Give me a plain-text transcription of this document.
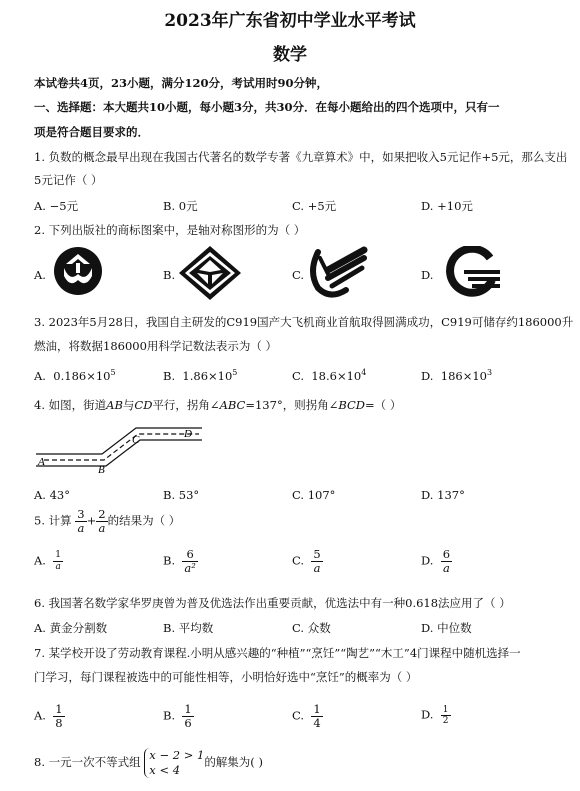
2023年广东省初中学业水平考试
数学
本试卷共4页，23小题，满分120分，考试用时90分钟，
一、选择题：本大题共10小题，每小题3分，共30分．在每小题给出的四个选项中，只有一
项是符合题目要求的．
1. 负数的概念最早出现在我国古代著名的数学专著《九章算术》中，如果把收入5元记作+5元，那么支出
5元记作（ ）
A. −5元	B. 0元	C. +5元	D. +10元
2. 下列出版社的商标图案中，是轴对称图形的为（ ）
A.	B.	C.	D.
3. 2023年5月28日，我国自主研发的C919国产大飞机商业首航取得圆满成功，C919可储存约186000升
燃油，将数据186000用科学记数法表示为（ ）
A. $0.186\times 10^5$	B. $1.86\times 10^5$	C. $18.6\times 10^4$	D. $186\times 10^3$
4. 如图，街道AB与CD平行，拐角∠ABC=137°，则拐角∠BCD=（ ）
A
B
C	D
A. 43°	B. 53°	C. 107°	D. 137°
5. 计算 $\frac{3}{a} + \frac{2}{a}$ 的结果为（ ）
A. $\frac{1}{a}$	B. $\frac{6}{\text{a²}}$	C. $\frac{5}{a}$	D. $\frac{6}{a}$
6. 我国著名数学家华罗庚曾为普及优选法作出重要贡献，优选法中有一种0.618法应用了（ ）
A. 黄金分割数	B. 平均数	C. 众数	D. 中位数
7. 某学校开设了劳动教育课程.小明从感兴趣的“种植”“烹饪”“陶艺”“木工”4门课程中随机选择一
门学习，每门课程被选中的可能性相等，小明恰好选中“烹饪”的概率为（ ）
A. $\frac{1}{8}$	B. $\frac{1}{6}$	C. $\frac{1}{4}$	D. $\frac{1}{2}$
8. 一元一次不等式组 x − 2 > 1
x < 4
的解集为( )
